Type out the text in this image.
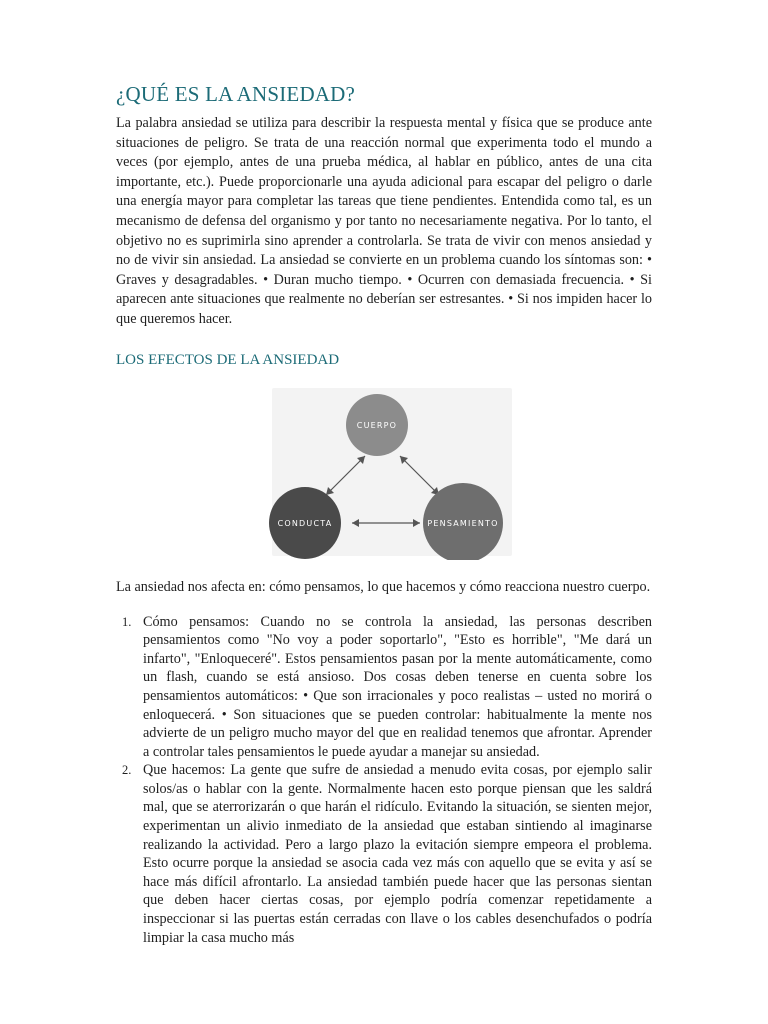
¿QUÉ ES LA ANSIEDAD?

La palabra ansiedad se utiliza para describir la respuesta mental y física que se produce ante situaciones de peligro. Se trata de una reacción normal que experimenta todo el mundo a veces (por ejemplo, antes de una prueba médica, al hablar en público, antes de una cita importante, etc.). Puede proporcionarle una ayuda adicional para escapar del peligro o darle una energía mayor para completar las tareas que tiene pendientes. Entendida como tal, es un mecanismo de defensa del organismo y por tanto no necesariamente negativa. Por lo tanto, el objetivo no es suprimirla sino aprender a controlarla. Se trata de vivir con menos ansiedad y no de vivir sin ansiedad. La ansiedad se convierte en un problema cuando los síntomas son: • Graves y desagradables. • Duran mucho tiempo. • Ocurren con demasiada frecuencia. • Si aparecen ante situaciones que realmente no deberían ser estresantes. • Si nos impiden hacer lo que queremos hacer.

LOS EFECTOS DE LA ANSIEDAD
CUERPO
CONDUCTA	PENSAMIENTO

La ansiedad nos afecta en: cómo pensamos, lo que hacemos y cómo reacciona nuestro cuerpo.

1. Cómo pensamos: Cuando no se controla la ansiedad, las personas describen pensamientos como "No voy a poder soportarlo", "Esto es horrible", "Me dará un infarto", "Enloqueceré". Estos pensamientos pasan por la mente automáticamente, como un flash, cuando se está ansioso. Dos cosas deben tenerse en cuenta sobre los pensamientos automáticos: • Que son irracionales y poco realistas – usted no morirá o enloquecerá. • Son situaciones que se pueden controlar: habitualmente la mente nos advierte de un peligro mucho mayor del que en realidad tenemos que afrontar. Aprender a controlar tales pensamientos le puede ayudar a manejar su ansiedad.
2. Que hacemos: La gente que sufre de ansiedad a menudo evita cosas, por ejemplo salir solos/as o hablar con la gente. Normalmente hacen esto porque piensan que les saldrá mal, que se aterrorizarán o que harán el ridículo. Evitando la situación, se sienten mejor, experimentan un alivio inmediato de la ansiedad que estaban sintiendo al imaginarse realizando la actividad. Pero a largo plazo la evitación siempre empeora el problema. Esto ocurre porque la ansiedad se asocia cada vez más con aquello que se evita y así se hace más difícil afrontarlo. La ansiedad también puede hacer que las personas sientan que deben hacer ciertas cosas, por ejemplo podría comenzar repetidamente a inspeccionar si las puertas están cerradas con llave o los cables desenchufados o podría limpiar la casa mucho más
